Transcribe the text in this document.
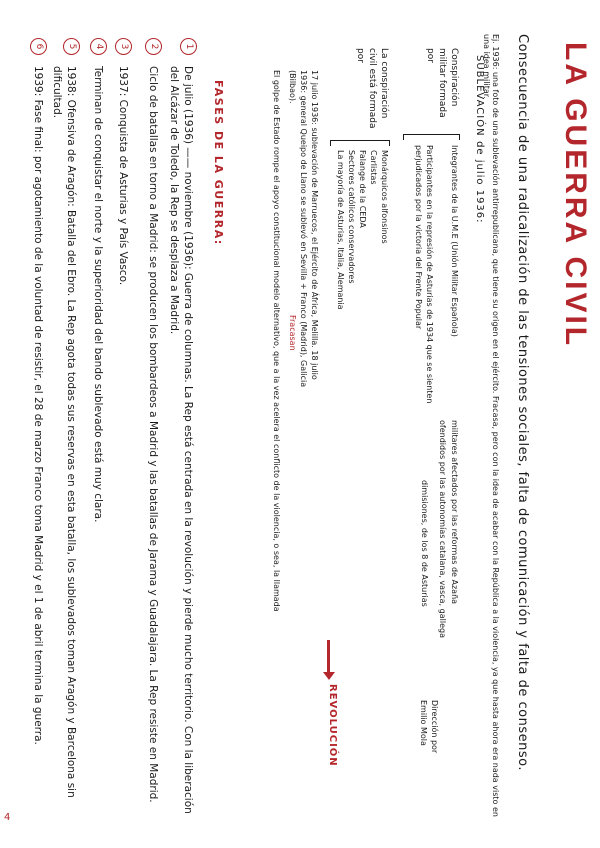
LA GUERRA CIVIL
Consecuencia de una radicalización de las tensiones sociales, falta de comunicación y falta de consenso.
Ej. 1936: una foto de una sublevación antirrepublicana, que tiene su origen en el ejército. Fracasa, pero con la idea de acabar con la República a la violencia, ya que hasta ahora era nada visto en una idea militar.
SUBLEVACIÓN de julio 1936:
Conspiración militar formada por
Integrantes de la U.M.E (Unión Militar Española)
Participantes en la represión de Asturias de 1934 que se sienten perjudicados por la victoria del Frente Popular
militares afectados por las reformas de Azaña
ofendidos por las autonomías catalana, vasca, gallega
dimisiones, de los 8 de Asturias
Dirección por Emilio Mola
La conspiración civil está formada por
Monárquicos alfonsinos
Carlistas
Falange de la CEDA
Sectores católicos conservadores
La mayoría de Asturias, Italia, Alemania
17 julio 1936: sublevación de Marruecos, el Ejército de África, Melilla. 18 julio 1936: general Queipo de Llano se sublevó en Sevilla + Franco (Madrid), Galicia (Bilbao).
Fracasan
El golpe de Estado rompe el apoyo constitucional modelo alternativo, que a la vez acelera el conflicto de la violencia, o sea, la llamada
REVOLUCIÓN
FASES DE LA GUERRA:
1
De julio (1936) —— noviembre (1936): Guerra de columnas. La Rep está centrada en la revolución y pierde mucho territorio. Con la liberación del Alcázar de Toledo, la Rep se desplaza a Madrid.
2
Ciclo de batallas en torno a Madrid: se producen los bombardeos a Madrid y las batallas de Jarama y Guadalajara. La Rep resiste en Madrid.
3
1937: Conquista de Asturias y País Vasco.
4
Terminan de conquistar el norte y la superioridad del bando sublevado está muy clara.
5
1938: Ofensiva de Aragón: Batalla del Ebro. La Rep agota todas sus reservas en esta batalla, los sublevados toman Aragón y Barcelona sin dificultad.
6
1939: Fase final: por agotamiento de la voluntad de resistir, el 28 de marzo Franco toma Madrid y el 1 de abril termina la guerra.
4
